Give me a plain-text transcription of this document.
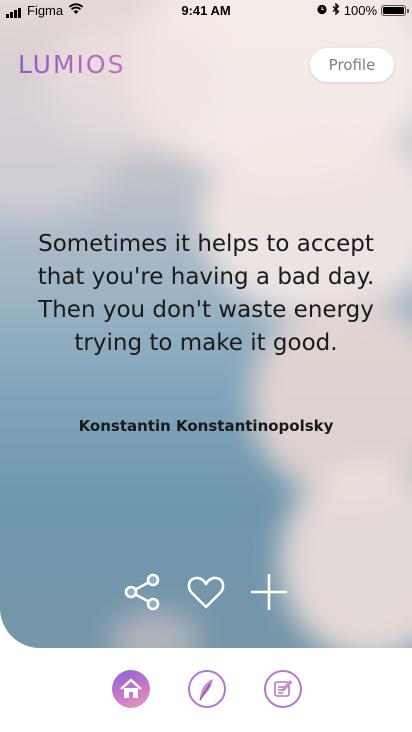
Figma	9:41 AM	100%
LUMIOS	Profile

Sometimes it helps to accept that you're having a bad day. Then you don't waste energy trying to make it good.

Konstantin Konstantinopolsky
